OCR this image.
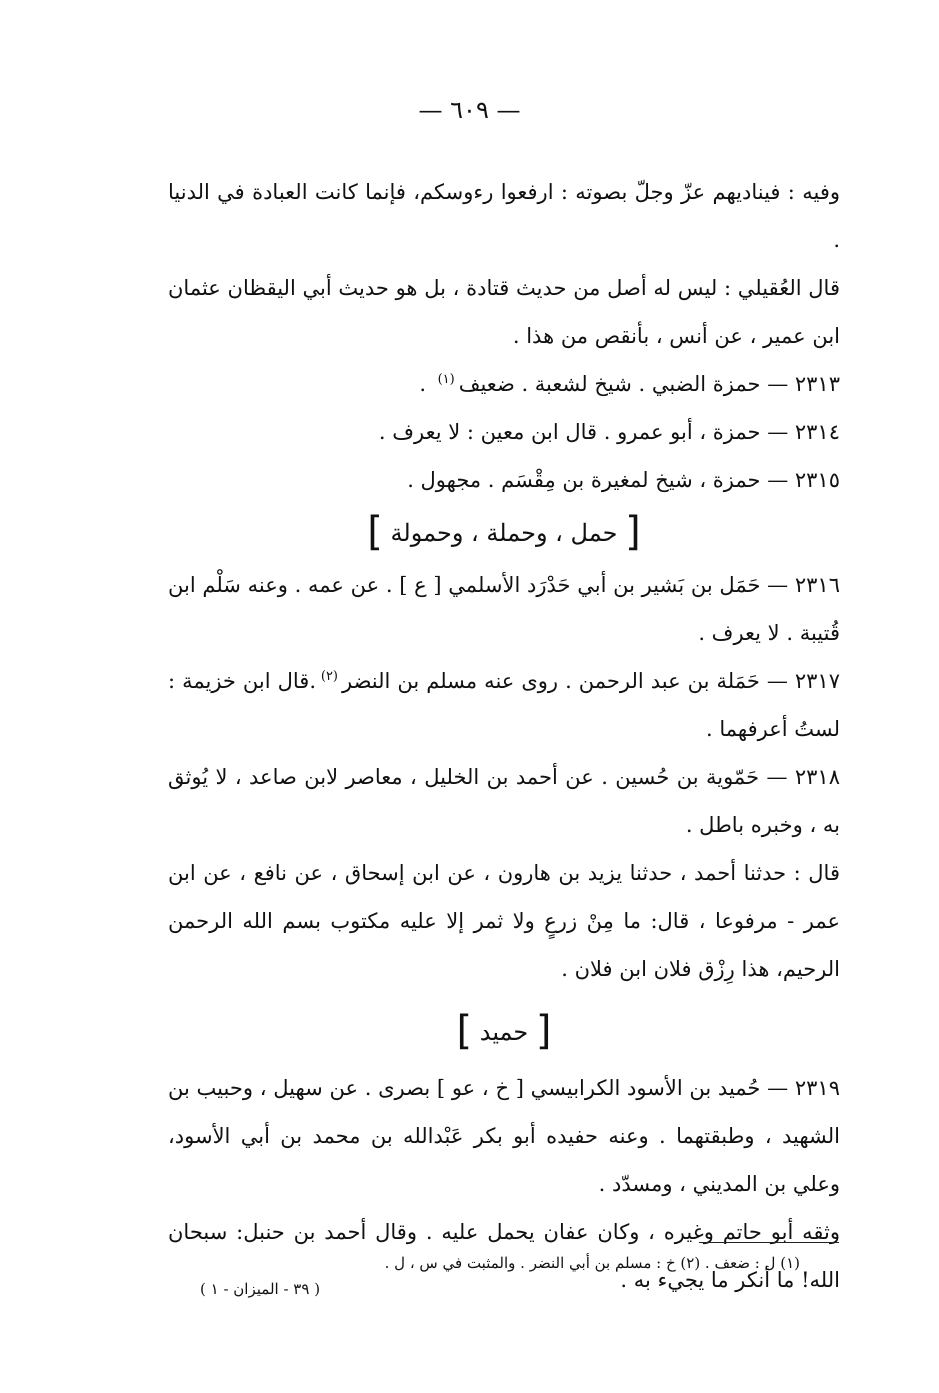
— ٦٠٩ —

وفيه : فيناديهم عزّ وجلّ بصوته : ارفعوا رءوسكم، فإنما كانت العبادة في الدنيا .

قال العُقيلي : ليس له أصل من حديث قتادة ، بل هو حديث أبي اليقظان عثمان ابن عمير ، عن أنس ، بأنقص من هذا .

٢٣١٣ — حمزة الضبي . شيخ لشعبة . ضعيف(١) .

٢٣١٤ — حمزة ، أبو عمرو . قال ابن معين : لا يعرف .

٢٣١٥ — حمزة ، شيخ لمغيرة بن مِقْسَم . مجهول .

[ حمل ، وحملة ، وحمولة ]

٢٣١٦ — حَمَل بن بَشير بن أبي حَدْرَد الأسلمي [ ع ] . عن عمه . وعنه سَلْم ابن قُتيبة . لا يعرف .

٢٣١٧ — حَمَلة بن عبد الرحمن . روى عنه مسلم بن النضر(٢).قال ابن خزيمة : لستُ أعرفهما .

٢٣١٨ — حَمّوية بن حُسين . عن أحمد بن الخليل ، معاصر لابن صاعد ، لا يُوثق به ، وخبره باطل .

قال : حدثنا أحمد ، حدثنا يزيد بن هارون ، عن ابن إسحاق ، عن نافع ، عن ابن عمر - مرفوعا ، قال: ما مِنْ زرعٍ ولا ثمر إلا عليه مكتوب بسم الله الرحمن الرحيم، هذا رِزْق فلان ابن فلان .

[ حميد ]

٢٣١٩ — حُميد بن الأسود الكرابيسي [ خ ، عو ] بصرى . عن سهيل ، وحبيب بن الشهيد ، وطبقتهما . وعنه حفيده أبو بكر عَبْدالله بن محمد بن أبي الأسود، وعلي بن المديني ، ومسدّد .

وثقه أبو حاتم وغيره ، وكان عفان يحمل عليه . وقال أحمد بن حنبل: سبحان الله! ما أنكر ما يجيء به .

(١) ل : ضعف . (٢) خ : مسلم بن أبي النضر . والمثبت في س ، ل .
( ٣٩ - الميزان - ١ )
